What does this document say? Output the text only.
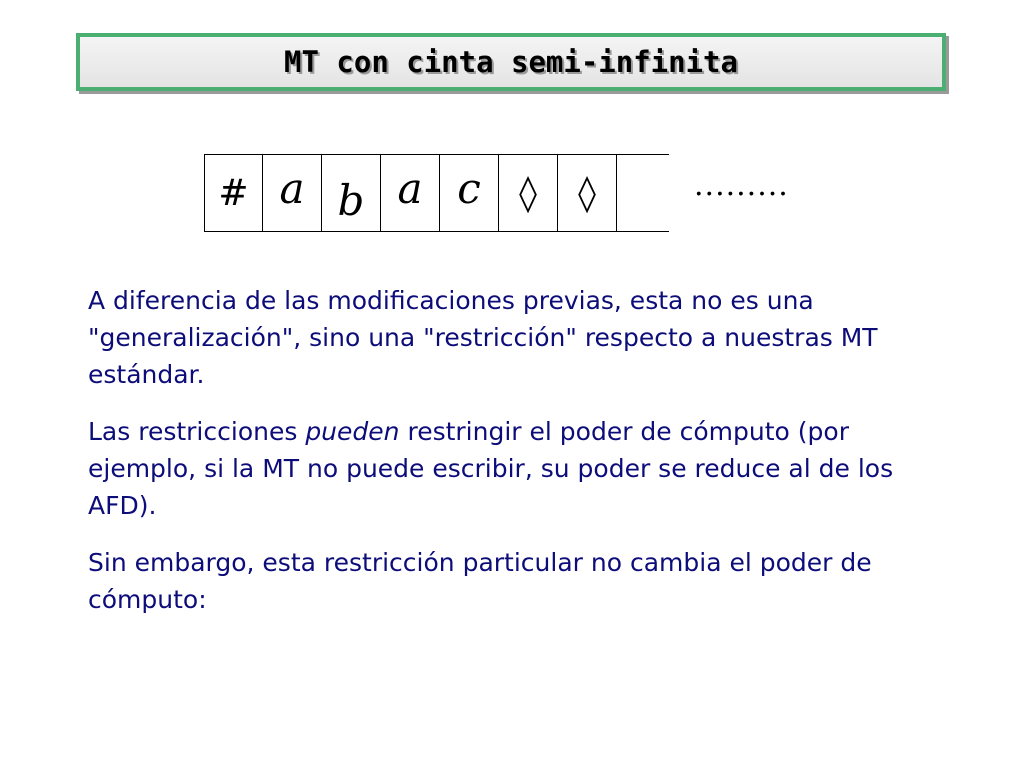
MT con cinta semi-infinita
# a b a c	◊	◊	.........

A diferencia de las modificaciones previas, esta no es una "generalización", sino una "restricción" respecto a nuestras MT estándar.

Las restricciones pueden restringir el poder de cómputo (por ejemplo, si la MT no puede escribir, su poder se reduce al de los AFD).

Sin embargo, esta restricción particular no cambia el poder de cómputo:
